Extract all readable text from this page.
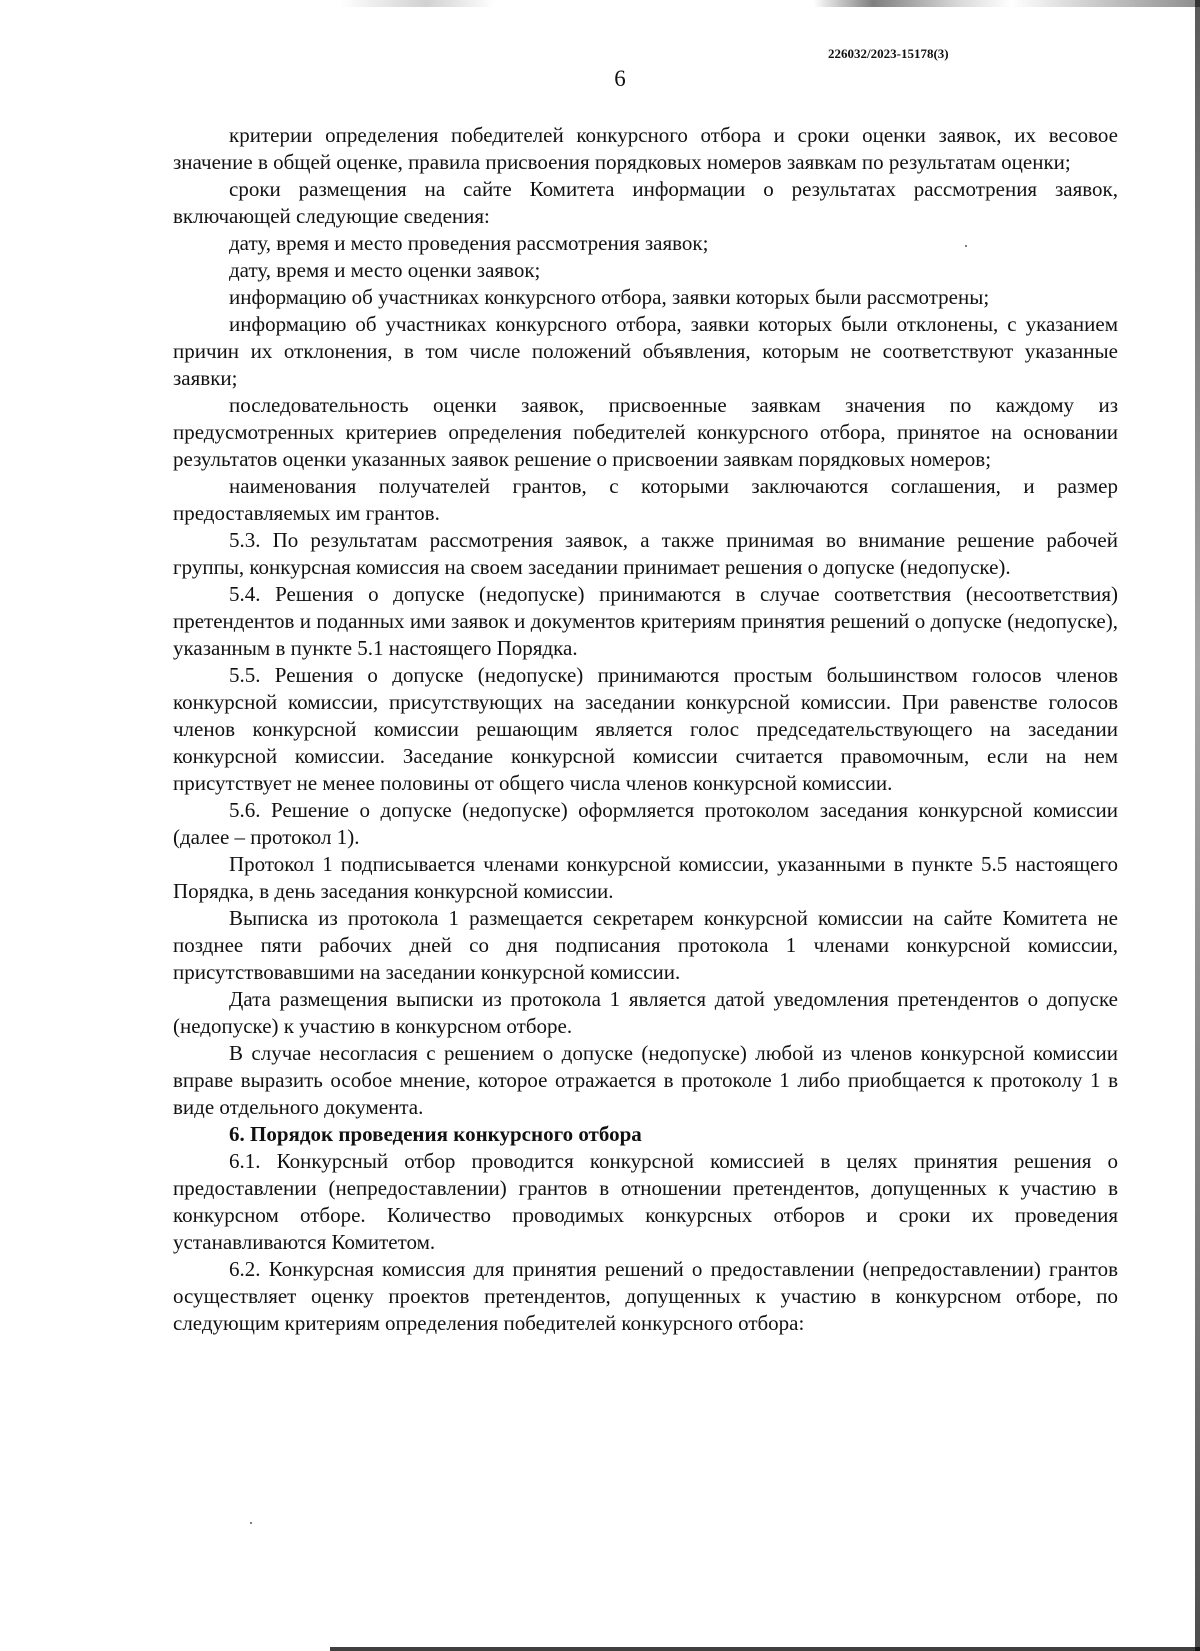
226032/2023-15178(3)
6

критерии определения победителей конкурсного отбора и сроки оценки заявок, их весовое значение в общей оценке, правила присвоения порядковых номеров заявкам по результатам оценки;

сроки размещения на сайте Комитета информации о результатах рассмотрения заявок, включающей следующие сведения:

дату, время и место проведения рассмотрения заявок;

дату, время и место оценки заявок;

информацию об участниках конкурсного отбора, заявки которых были рассмотрены;

информацию об участниках конкурсного отбора, заявки которых были отклонены, с указанием причин их отклонения, в том числе положений объявления, которым не соответствуют указанные заявки;

последовательность оценки заявок, присвоенные заявкам значения по каждому из предусмотренных критериев определения победителей конкурсного отбора, принятое на основании результатов оценки указанных заявок решение о присвоении заявкам порядковых номеров;

наименования получателей грантов, с которыми заключаются соглашения, и размер предоставляемых им грантов.

5.3. По результатам рассмотрения заявок, а также принимая во внимание решение рабочей группы, конкурсная комиссия на своем заседании принимает решения о допуске (недопуске).

5.4. Решения о допуске (недопуске) принимаются в случае соответствия (несоответствия) претендентов и поданных ими заявок и документов критериям принятия решений о допуске (недопуске), указанным в пункте 5.1 настоящего Порядка.

5.5. Решения о допуске (недопуске) принимаются простым большинством голосов членов конкурсной комиссии, присутствующих на заседании конкурсной комиссии. При равенстве голосов членов конкурсной комиссии решающим является голос председательствующего на заседании конкурсной комиссии. Заседание конкурсной комиссии считается правомочным, если на нем присутствует не менее половины от общего числа членов конкурсной комиссии.

5.6. Решение о допуске (недопуске) оформляется протоколом заседания конкурсной комиссии (далее – протокол 1).

Протокол 1 подписывается членами конкурсной комиссии, указанными в пункте 5.5 настоящего Порядка, в день заседания конкурсной комиссии.

Выписка из протокола 1 размещается секретарем конкурсной комиссии на сайте Комитета не позднее пяти рабочих дней со дня подписания протокола 1 членами конкурсной комиссии, присутствовавшими на заседании конкурсной комиссии.

Дата размещения выписки из протокола 1 является датой уведомления претендентов о допуске (недопуске) к участию в конкурсном отборе.

В случае несогласия с решением о допуске (недопуске) любой из членов конкурсной комиссии вправе выразить особое мнение, которое отражается в протоколе 1 либо приобщается к протоколу 1 в виде отдельного документа.

6. Порядок проведения конкурсного отбора

6.1. Конкурсный отбор проводится конкурсной комиссией в целях принятия решения о предоставлении (непредоставлении) грантов в отношении претендентов, допущенных к участию в конкурсном отборе. Количество проводимых конкурсных отборов и сроки их проведения устанавливаются Комитетом.

6.2. Конкурсная комиссия для принятия решений о предоставлении (непредоставлении) грантов осуществляет оценку проектов претендентов, допущенных к участию в конкурсном отборе, по следующим критериям определения победителей конкурсного отбора:
